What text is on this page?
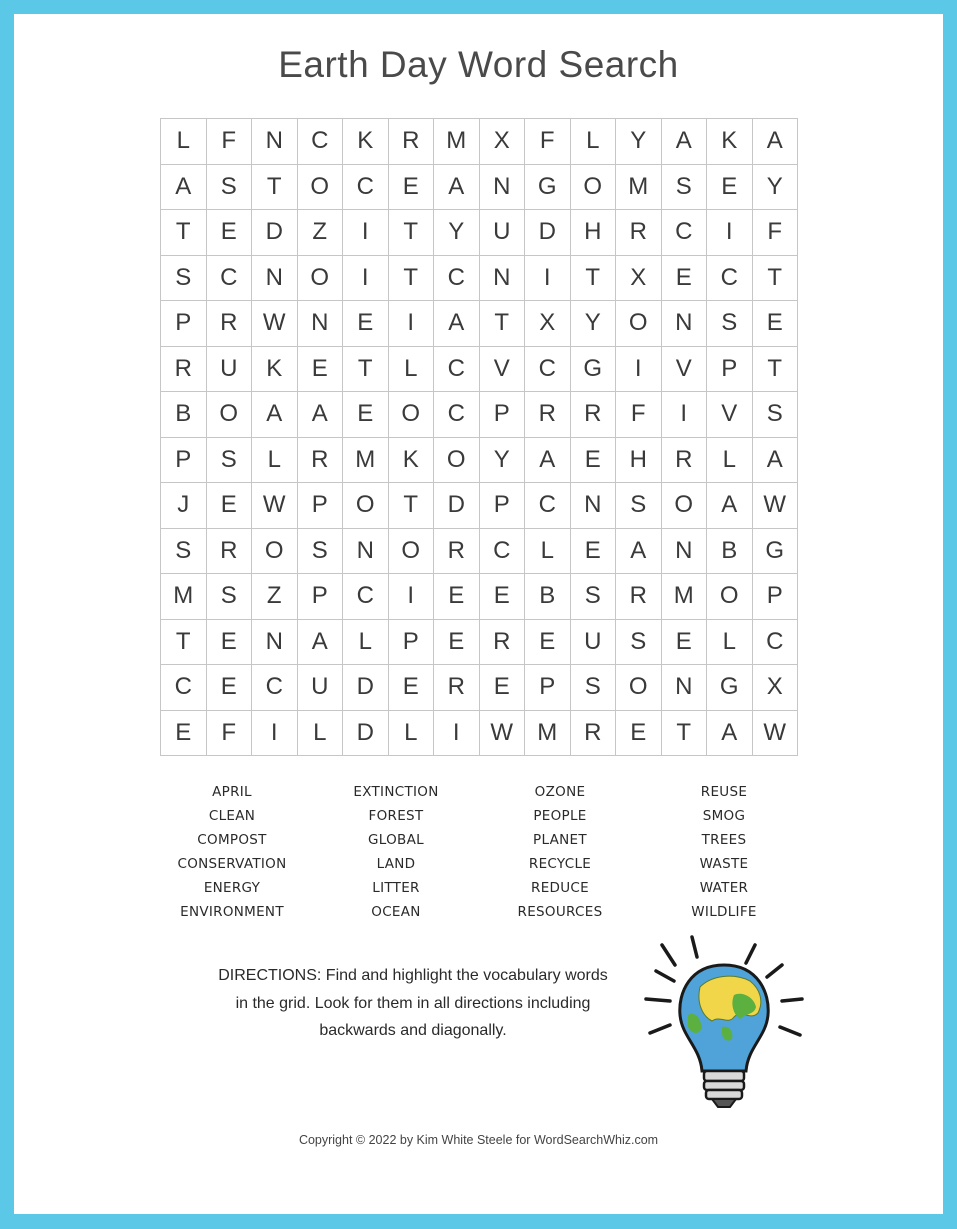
Earth Day Word Search
L	F	N	C	K	R	M	X	F	L	Y	A	K	A
A	S	T	O	C	E	A	N	G	O	M	S	E	Y
T	E	D	Z	I	T	Y	U	D	H	R	C	I	F
S	C	N	O	I	T	C	N	I	T	X	E	C	T
P	R	W	N	E	I	A	T	X	Y	O	N	S	E
R	U	K	E	T	L	C	V	C	G	I	V	P	T
B	O	A	A	E	O	C	P	R	R	F	I	V	S
P	S	L	R	M	K	O	Y	A	E	H	R	L	A
J	E	W	P	O	T	D	P	C	N	S	O	A	W
S	R	O	S	N	O	R	C	L	E	A	N	B	G
M	S	Z	P	C	I	E	E	B	S	R	M	O	P
T	E	N	A	L	P	E	R	E	U	S	E	L	C
C	E	C	U	D	E	R	E	P	S	O	N	G	X
E	F	I	L	D	L	I	W	M	R	E	T	A	W
APRIL
CLEAN
COMPOST
CONSERVATION
ENERGY
ENVIRONMENT
EXTINCTION
FOREST
GLOBAL
LAND
LITTER
OCEAN
OZONE
PEOPLE
PLANET
RECYCLE
REDUCE
RESOURCES
REUSE
SMOG
TREES
WASTE
WATER
WILDLIFE
DIRECTIONS: Find and highlight the vocabulary words
in the grid. Look for them in all directions including
backwards and diagonally.
Copyright © 2022 by Kim White Steele for WordSearchWhiz.com
